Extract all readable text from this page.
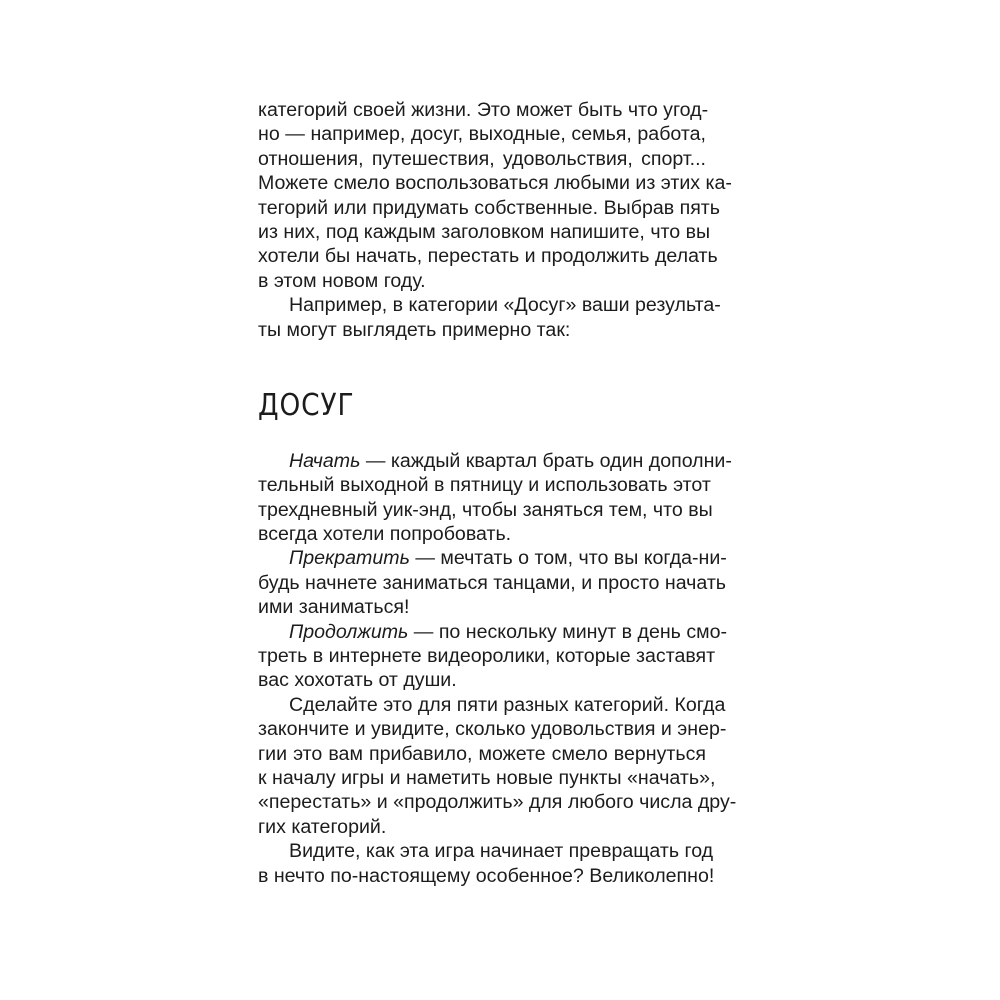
категорий своей жизни. Это может быть что угод-
но — например, досуг, выходные, семья, работа,
отношения, путешествия, удовольствия, спорт...
Можете смело воспользоваться любыми из этих ка-
тегорий или придумать собственные. Выбрав пять
из них, под каждым заголовком напишите, что вы
хотели бы начать, перестать и продолжить делать
в этом новом году.
Например, в категории «Досуг» ваши результа-
ты могут выглядеть примерно так:
ДОСУГ
Начать — каждый квартал брать один дополни-
тельный выходной в пятницу и использовать этот
трехдневный уик-энд, чтобы заняться тем, что вы
всегда хотели попробовать.
Прекратить — мечтать о том, что вы когда-ни-
будь начнете заниматься танцами, и просто начать
ими заниматься!
Продолжить — по нескольку минут в день смо-
треть в интернете видеоролики, которые заставят
вас хохотать от души.
Сделайте это для пяти разных категорий. Когда
закончите и увидите, сколько удовольствия и энер-
гии это вам прибавило, можете смело вернуться
к началу игры и наметить новые пункты «начать»,
«перестать» и «продолжить» для любого числа дру-
гих категорий.
Видите, как эта игра начинает превращать год
в нечто по-настоящему особенное? Великолепно!
